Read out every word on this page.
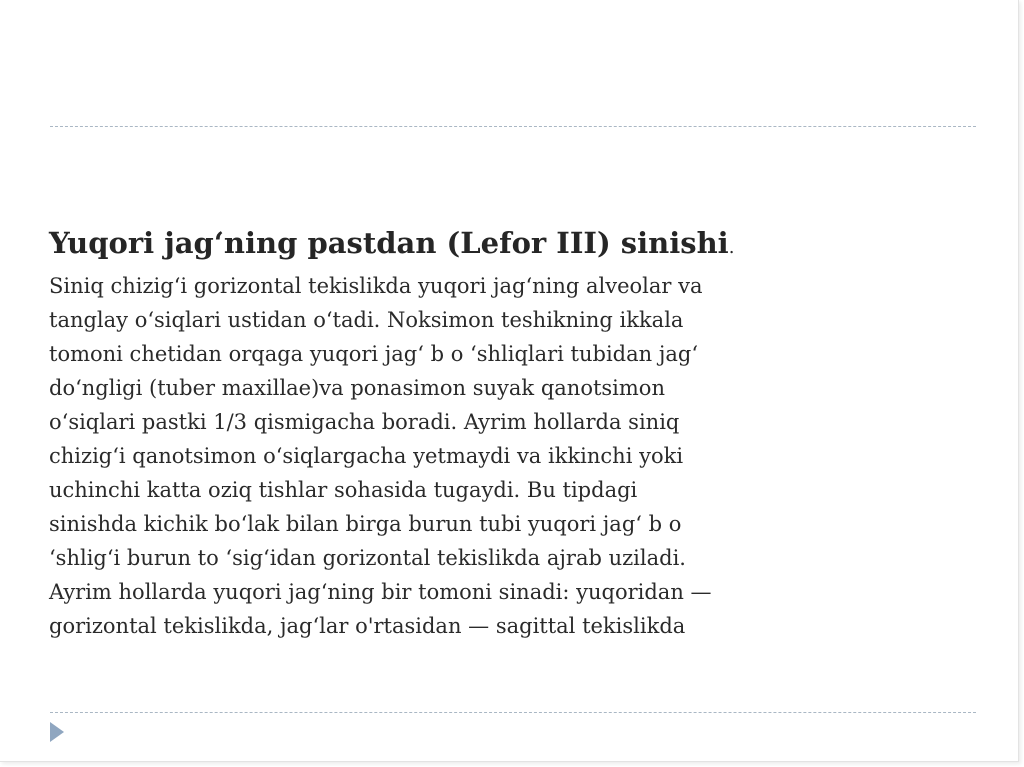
Yuqori jag‘ning pastdan (Lefor III) sinishi.

Siniq chizig‘i gorizontal tekislikda yuqori jag‘ning alveolar va

tanglay o‘siqlari ustidan o‘tadi. Noksimon teshikning ikkala

tomoni chetidan orqaga yuqori jag‘ b o ‘shliqlari tubidan jag‘

do‘ngligi (tuber maxillae)va ponasimon suyak qanotsimon

o‘siqlari pastki 1/3 qismigacha boradi. Ayrim hollarda siniq

chizig‘i qanotsimon o‘siqlargacha yetmaydi va ikkinchi yoki

uchinchi katta oziq tishlar sohasida tugaydi. Bu tipdagi

sinishda kichik bo‘lak bilan birga burun tubi yuqori jag‘ b o

‘shlig‘i burun to ‘sig‘idan gorizontal tekislikda ajrab uziladi.

Ayrim hollarda yuqori jag‘ning bir tomoni sinadi: yuqoridan —

gorizontal tekislikda, jag‘lar o'rtasidan — sagittal tekislikda
